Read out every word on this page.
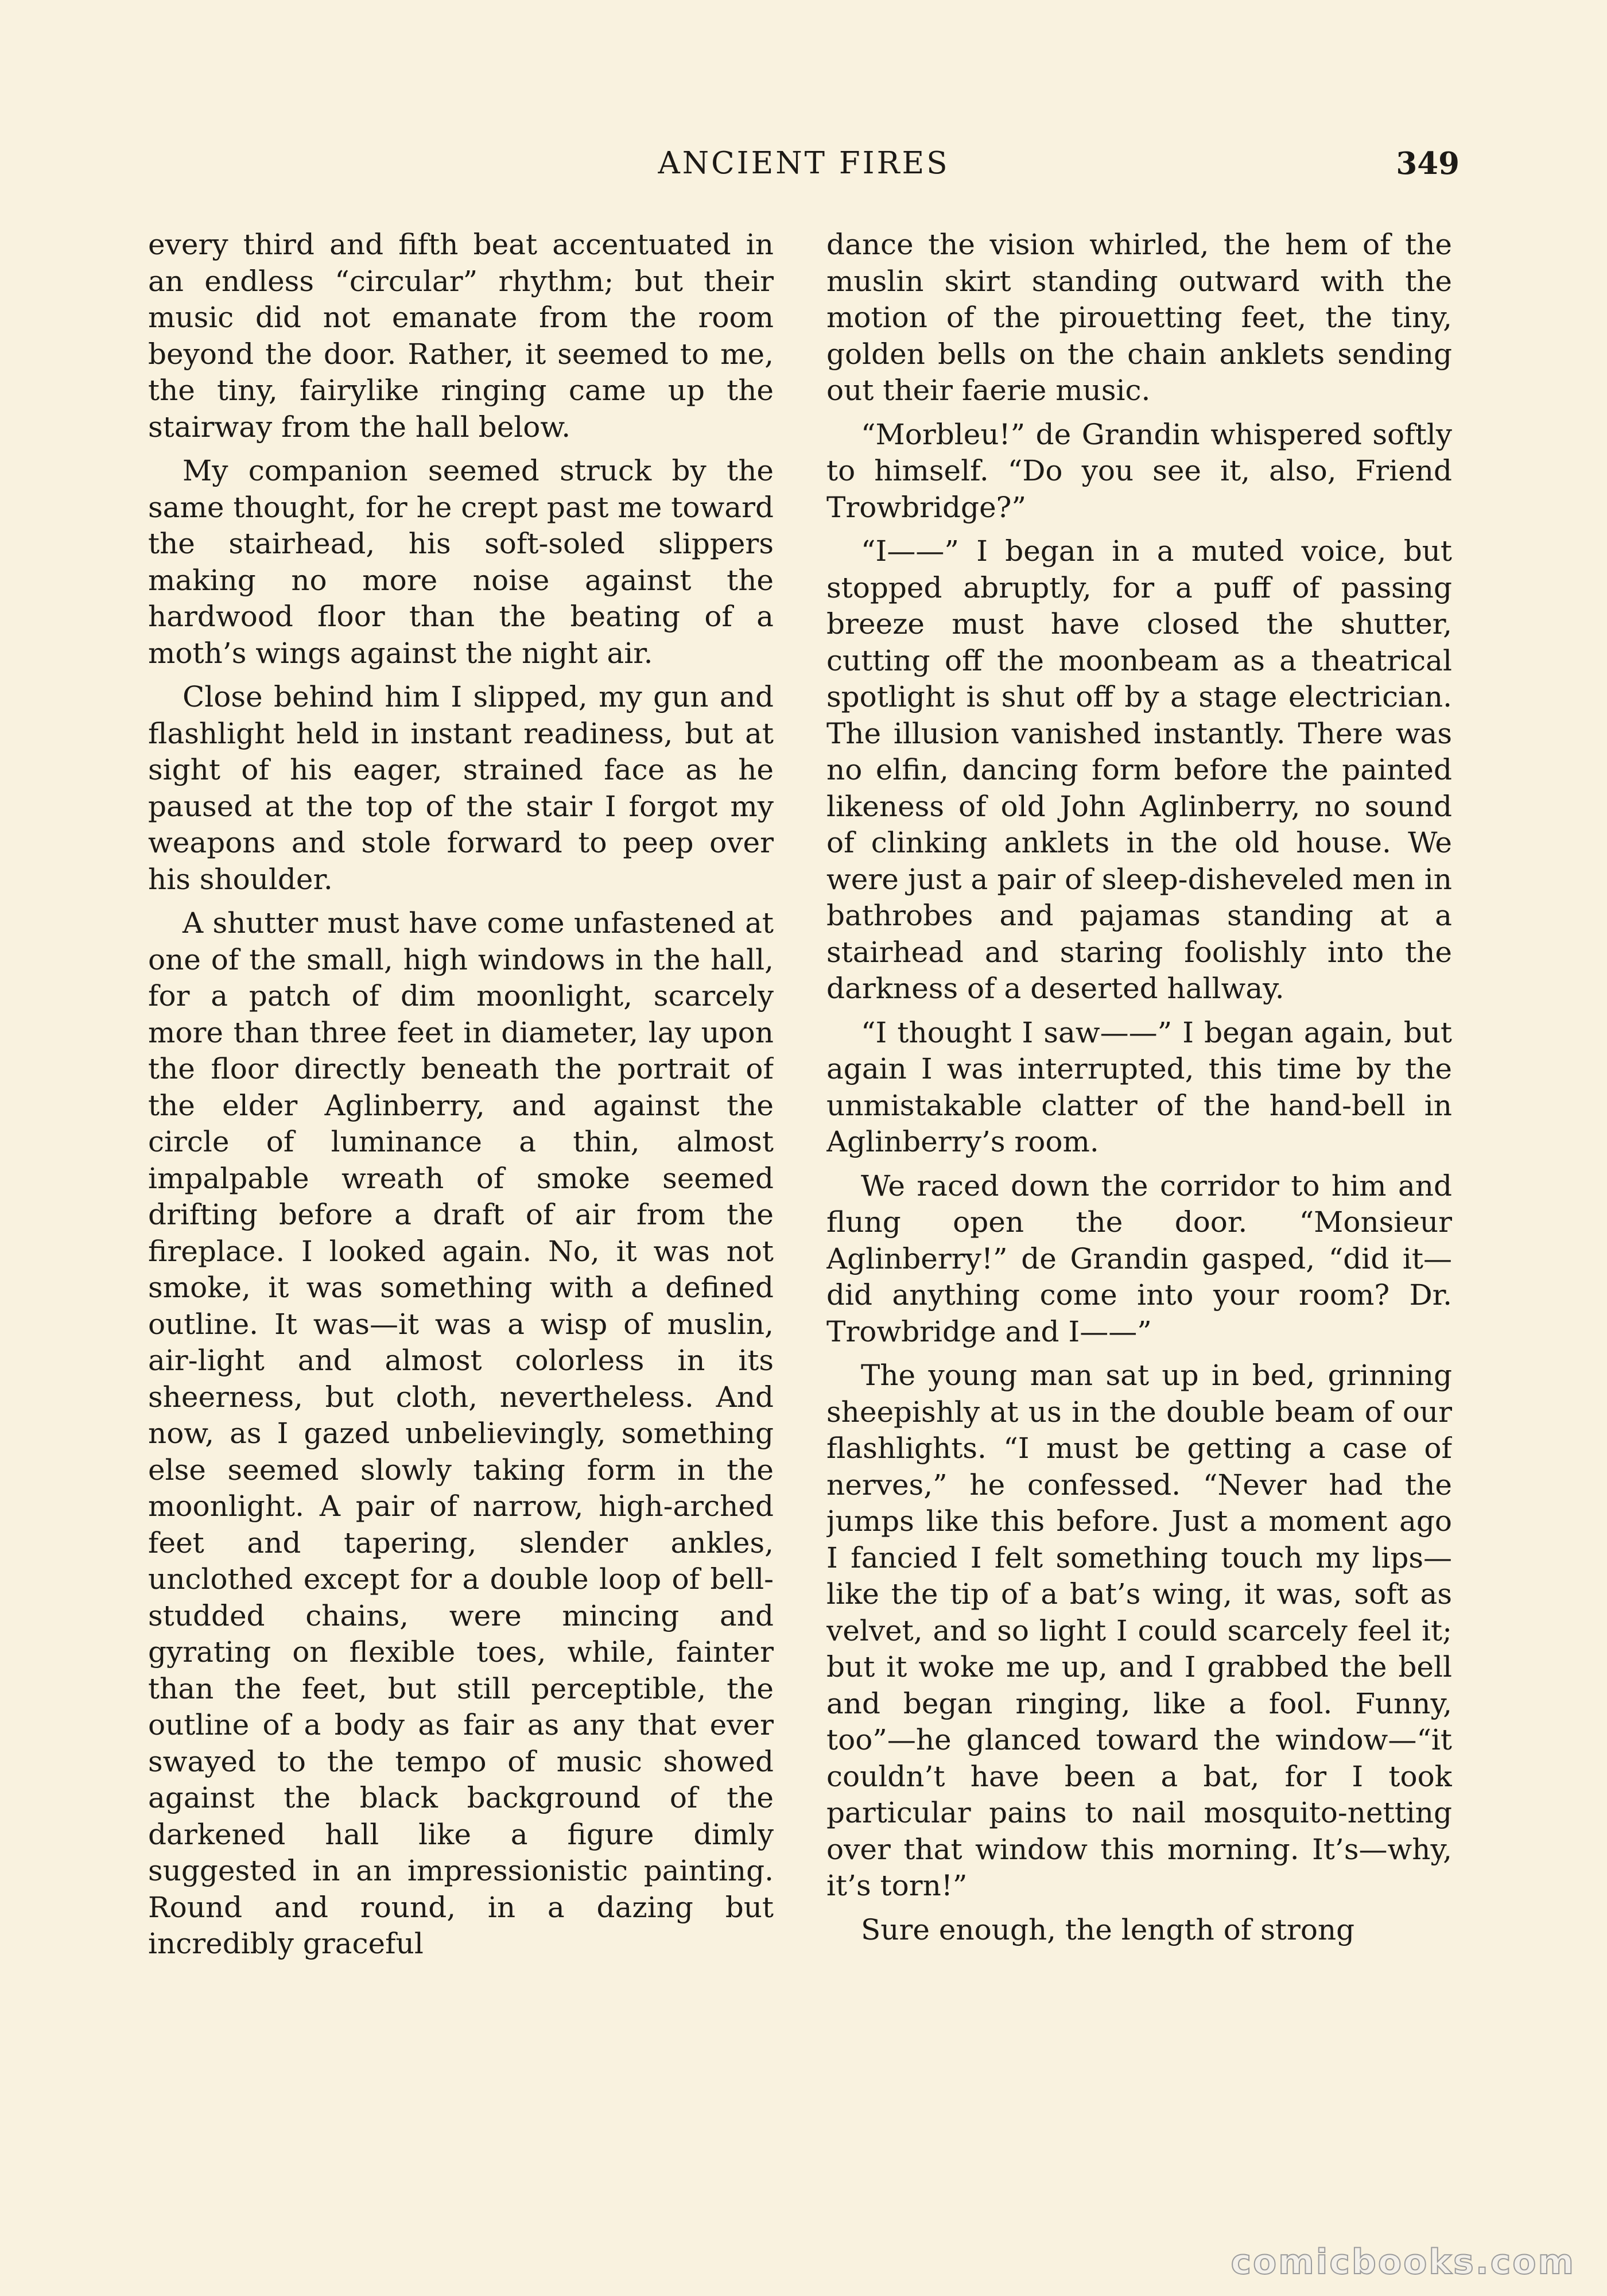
ANCIENT FIRES	349

every third and fifth beat accentuated in an endless “circular” rhythm; but their music did not emanate from the room beyond the door. Rather, it seemed to me, the tiny, fairylike ringing came up the stairway from the hall below.

My companion seemed struck by the same thought, for he crept past me toward the stairhead, his soft-soled slippers making no more noise against the hardwood floor than the beating of a moth’s wings against the night air.

Close behind him I slipped, my gun and flashlight held in instant readiness, but at sight of his eager, strained face as he paused at the top of the stair I forgot my weapons and stole forward to peep over his shoulder.

A shutter must have come unfastened at one of the small, high windows in the hall, for a patch of dim moonlight, scarcely more than three feet in diameter, lay upon the floor directly beneath the portrait of the elder Aglinberry, and against the circle of luminance a thin, almost impalpable wreath of smoke seemed drifting before a draft of air from the fireplace. I looked again. No, it was not smoke, it was something with a defined outline. It was—it was a wisp of muslin, air-light and almost colorless in its sheerness, but cloth, nevertheless. And now, as I gazed unbelievingly, something else seemed slowly taking form in the moonlight. A pair of narrow, high-arched feet and tapering, slender ankles, unclothed except for a double loop of bell-studded chains, were mincing and gyrating on flexible toes, while, fainter than the feet, but still perceptible, the outline of a body as fair as any that ever swayed to the tempo of music showed against the black background of the darkened hall like a figure dimly suggested in an impressionistic painting. Round and round, in a dazing but incredibly graceful

dance the vision whirled, the hem of the muslin skirt standing outward with the motion of the pirouetting feet, the tiny, golden bells on the chain anklets sending out their faerie music.

“Morbleu!” de Grandin whispered softly to himself. “Do you see it, also, Friend Trowbridge?”

“I——” I began in a muted voice, but stopped abruptly, for a puff of passing breeze must have closed the shutter, cutting off the moonbeam as a theatrical spotlight is shut off by a stage electrician. The illusion vanished instantly. There was no elfin, dancing form before the painted likeness of old John Aglinberry, no sound of clinking anklets in the old house. We were just a pair of sleep-disheveled men in bathrobes and pajamas standing at a stairhead and staring foolishly into the darkness of a deserted hallway.

“I thought I saw——” I began again, but again I was interrupted, this time by the unmistakable clatter of the hand-bell in Aglinberry’s room.

We raced down the corridor to him and flung open the door. “Monsieur Aglinberry!” de Grandin gasped, “did it—did anything come into your room? Dr. Trowbridge and I——”

The young man sat up in bed, grinning sheepishly at us in the double beam of our flashlights. “I must be getting a case of nerves,” he confessed. “Never had the jumps like this before. Just a moment ago I fancied I felt something touch my lips—like the tip of a bat’s wing, it was, soft as velvet, and so light I could scarcely feel it; but it woke me up, and I grabbed the bell and began ringing, like a fool. Funny, too”—he glanced toward the window—“it couldn’t have been a bat, for I took particular pains to nail mosquito-netting over that window this morning. It’s—why, it’s torn!”

Sure enough, the length of strong

comicbooks.com
